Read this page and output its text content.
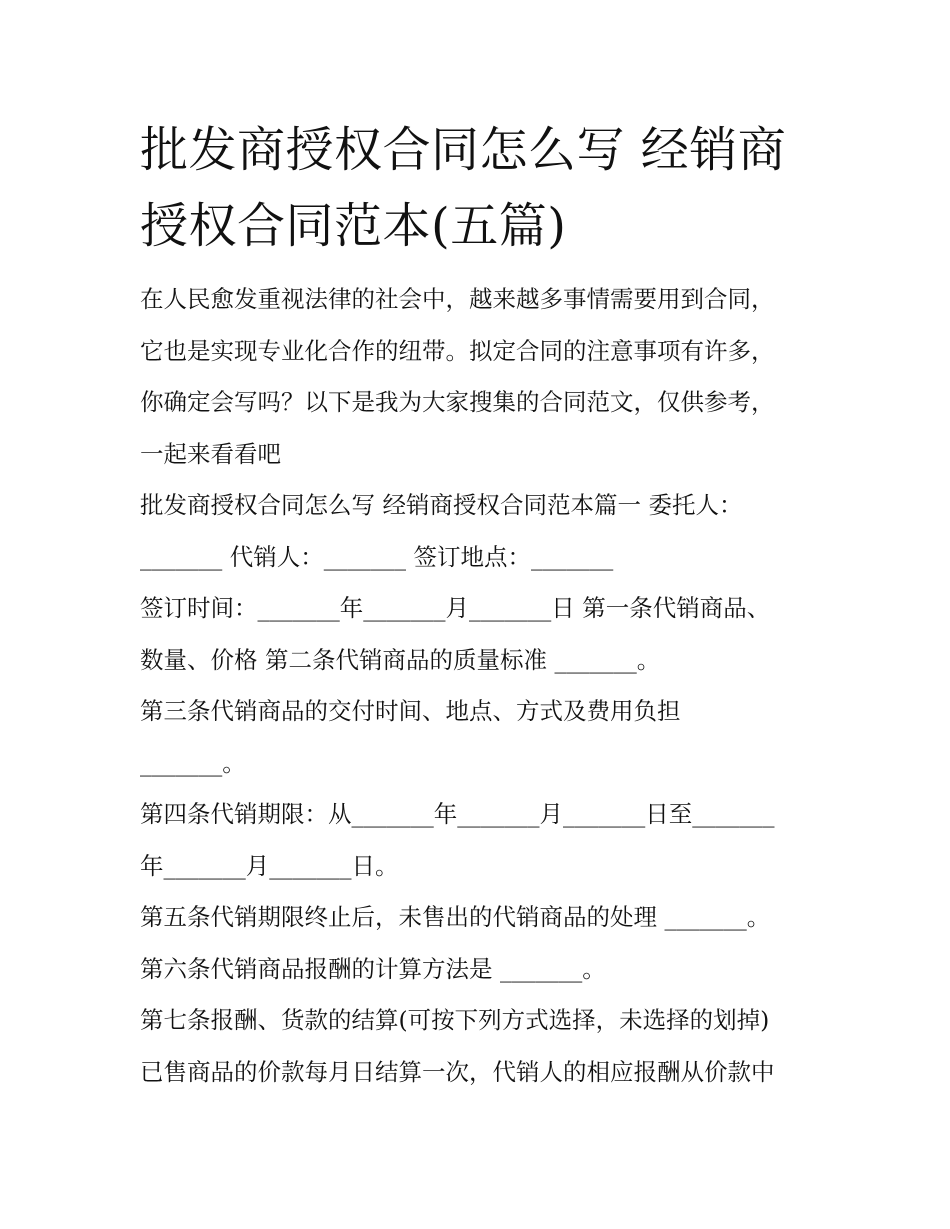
批发商授权合同怎么写 经销商
授权合同范本(五篇)
在人民愈发重视法律的社会中，越来越多事情需要用到合同，
它也是实现专业化合作的纽带。拟定合同的注意事项有许多，
你确定会写吗？以下是我为大家搜集的合同范文，仅供参考，
一起来看看吧
批发商授权合同怎么写 经销商授权合同范本篇一 委托人：
_______ 代销人：_______ 签订地点：_______
签订时间：_______年_______月_______日 第一条代销商品、
数量、价格 第二条代销商品的质量标准 _______。
第三条代销商品的交付时间、地点、方式及费用负担
_______。
第四条代销期限：从_______年_______月_______日至_______
年_______月_______日。
第五条代销期限终止后，未售出的代销商品的处理 _______。
第六条代销商品报酬的计算方法是 _______。
第七条报酬、货款的结算(可按下列方式选择，未选择的划掉)
已售商品的价款每月日结算一次，代销人的相应报酬从价款中
